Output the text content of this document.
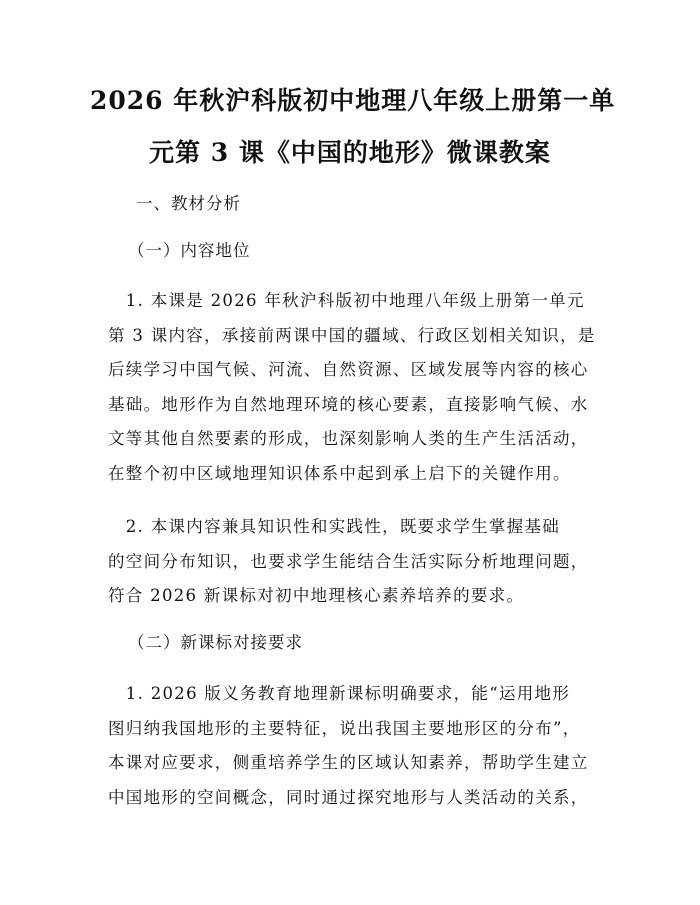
2026 年秋沪科版初中地理八年级上册第一单
元第 3 课《中国的地形》微课教案

一、教材分析

（一）内容地位

　1. 本课是 2026 年秋沪科版初中地理八年级上册第一单元
第 3 课内容，承接前两课中国的疆域、行政区划相关知识，是
后续学习中国气候、河流、自然资源、区域发展等内容的核心
基础。地形作为自然地理环境的核心要素，直接影响气候、水
文等其他自然要素的形成，也深刻影响人类的生产生活活动，
在整个初中区域地理知识体系中起到承上启下的关键作用。
　2. 本课内容兼具知识性和实践性，既要求学生掌握基础
的空间分布知识，也要求学生能结合生活实际分析地理问题，
符合 2026 新课标对初中地理核心素养培养的要求。

（二）新课标对接要求

　1. 2026 版义务教育地理新课标明确要求，能“运用地形
图归纳我国地形的主要特征，说出我国主要地形区的分布”，
本课对应要求，侧重培养学生的区域认知素养，帮助学生建立
中国地形的空间概念，同时通过探究地形与人类活动的关系，
